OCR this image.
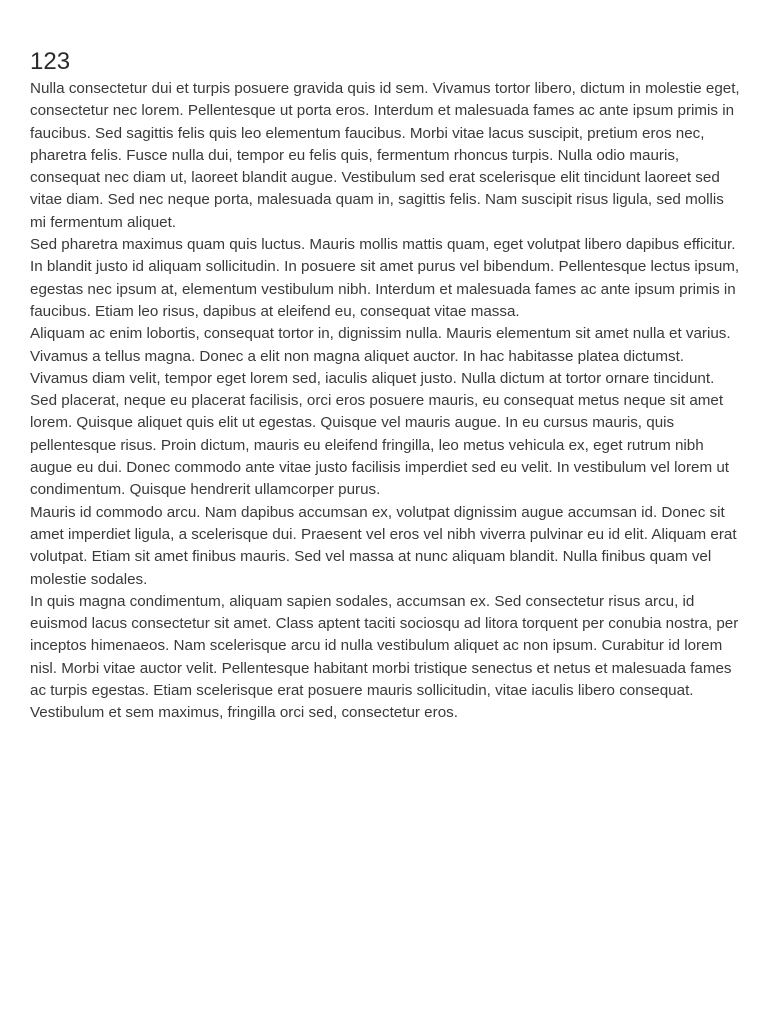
123

Nulla consectetur dui et turpis posuere gravida quis id sem. Vivamus tortor libero, dictum in molestie eget, consectetur nec lorem. Pellentesque ut porta eros. Interdum et malesuada fames ac ante ipsum primis in faucibus. Sed sagittis felis quis leo elementum faucibus. Morbi vitae lacus suscipit, pretium eros nec, pharetra felis. Fusce nulla dui, tempor eu felis quis, fermentum rhoncus turpis. Nulla odio mauris, consequat nec diam ut, laoreet blandit augue. Vestibulum sed erat scelerisque elit tincidunt laoreet sed vitae diam. Sed nec neque porta, malesuada quam in, sagittis felis. Nam suscipit risus ligula, sed mollis mi fermentum aliquet.

Sed pharetra maximus quam quis luctus. Mauris mollis mattis quam, eget volutpat libero dapibus efficitur. In blandit justo id aliquam sollicitudin. In posuere sit amet purus vel bibendum. Pellentesque lectus ipsum, egestas nec ipsum at, elementum vestibulum nibh. Interdum et malesuada fames ac ante ipsum primis in faucibus. Etiam leo risus, dapibus at eleifend eu, consequat vitae massa.

Aliquam ac enim lobortis, consequat tortor in, dignissim nulla. Mauris elementum sit amet nulla et varius. Vivamus a tellus magna. Donec a elit non magna aliquet auctor. In hac habitasse platea dictumst. Vivamus diam velit, tempor eget lorem sed, iaculis aliquet justo. Nulla dictum at tortor ornare tincidunt. Sed placerat, neque eu placerat facilisis, orci eros posuere mauris, eu consequat metus neque sit amet lorem. Quisque aliquet quis elit ut egestas. Quisque vel mauris augue. In eu cursus mauris, quis pellentesque risus. Proin dictum, mauris eu eleifend fringilla, leo metus vehicula ex, eget rutrum nibh augue eu dui. Donec commodo ante vitae justo facilisis imperdiet sed eu velit. In vestibulum vel lorem ut condimentum. Quisque hendrerit ullamcorper purus.

Mauris id commodo arcu. Nam dapibus accumsan ex, volutpat dignissim augue accumsan id. Donec sit amet imperdiet ligula, a scelerisque dui. Praesent vel eros vel nibh viverra pulvinar eu id elit. Aliquam erat volutpat. Etiam sit amet finibus mauris. Sed vel massa at nunc aliquam blandit. Nulla finibus quam vel molestie sodales.

In quis magna condimentum, aliquam sapien sodales, accumsan ex. Sed consectetur risus arcu, id euismod lacus consectetur sit amet. Class aptent taciti sociosqu ad litora torquent per conubia nostra, per inceptos himenaeos. Nam scelerisque arcu id nulla vestibulum aliquet ac non ipsum. Curabitur id lorem nisl. Morbi vitae auctor velit. Pellentesque habitant morbi tristique senectus et netus et malesuada fames ac turpis egestas. Etiam scelerisque erat posuere mauris sollicitudin, vitae iaculis libero consequat. Vestibulum et sem maximus, fringilla orci sed, consectetur eros.
